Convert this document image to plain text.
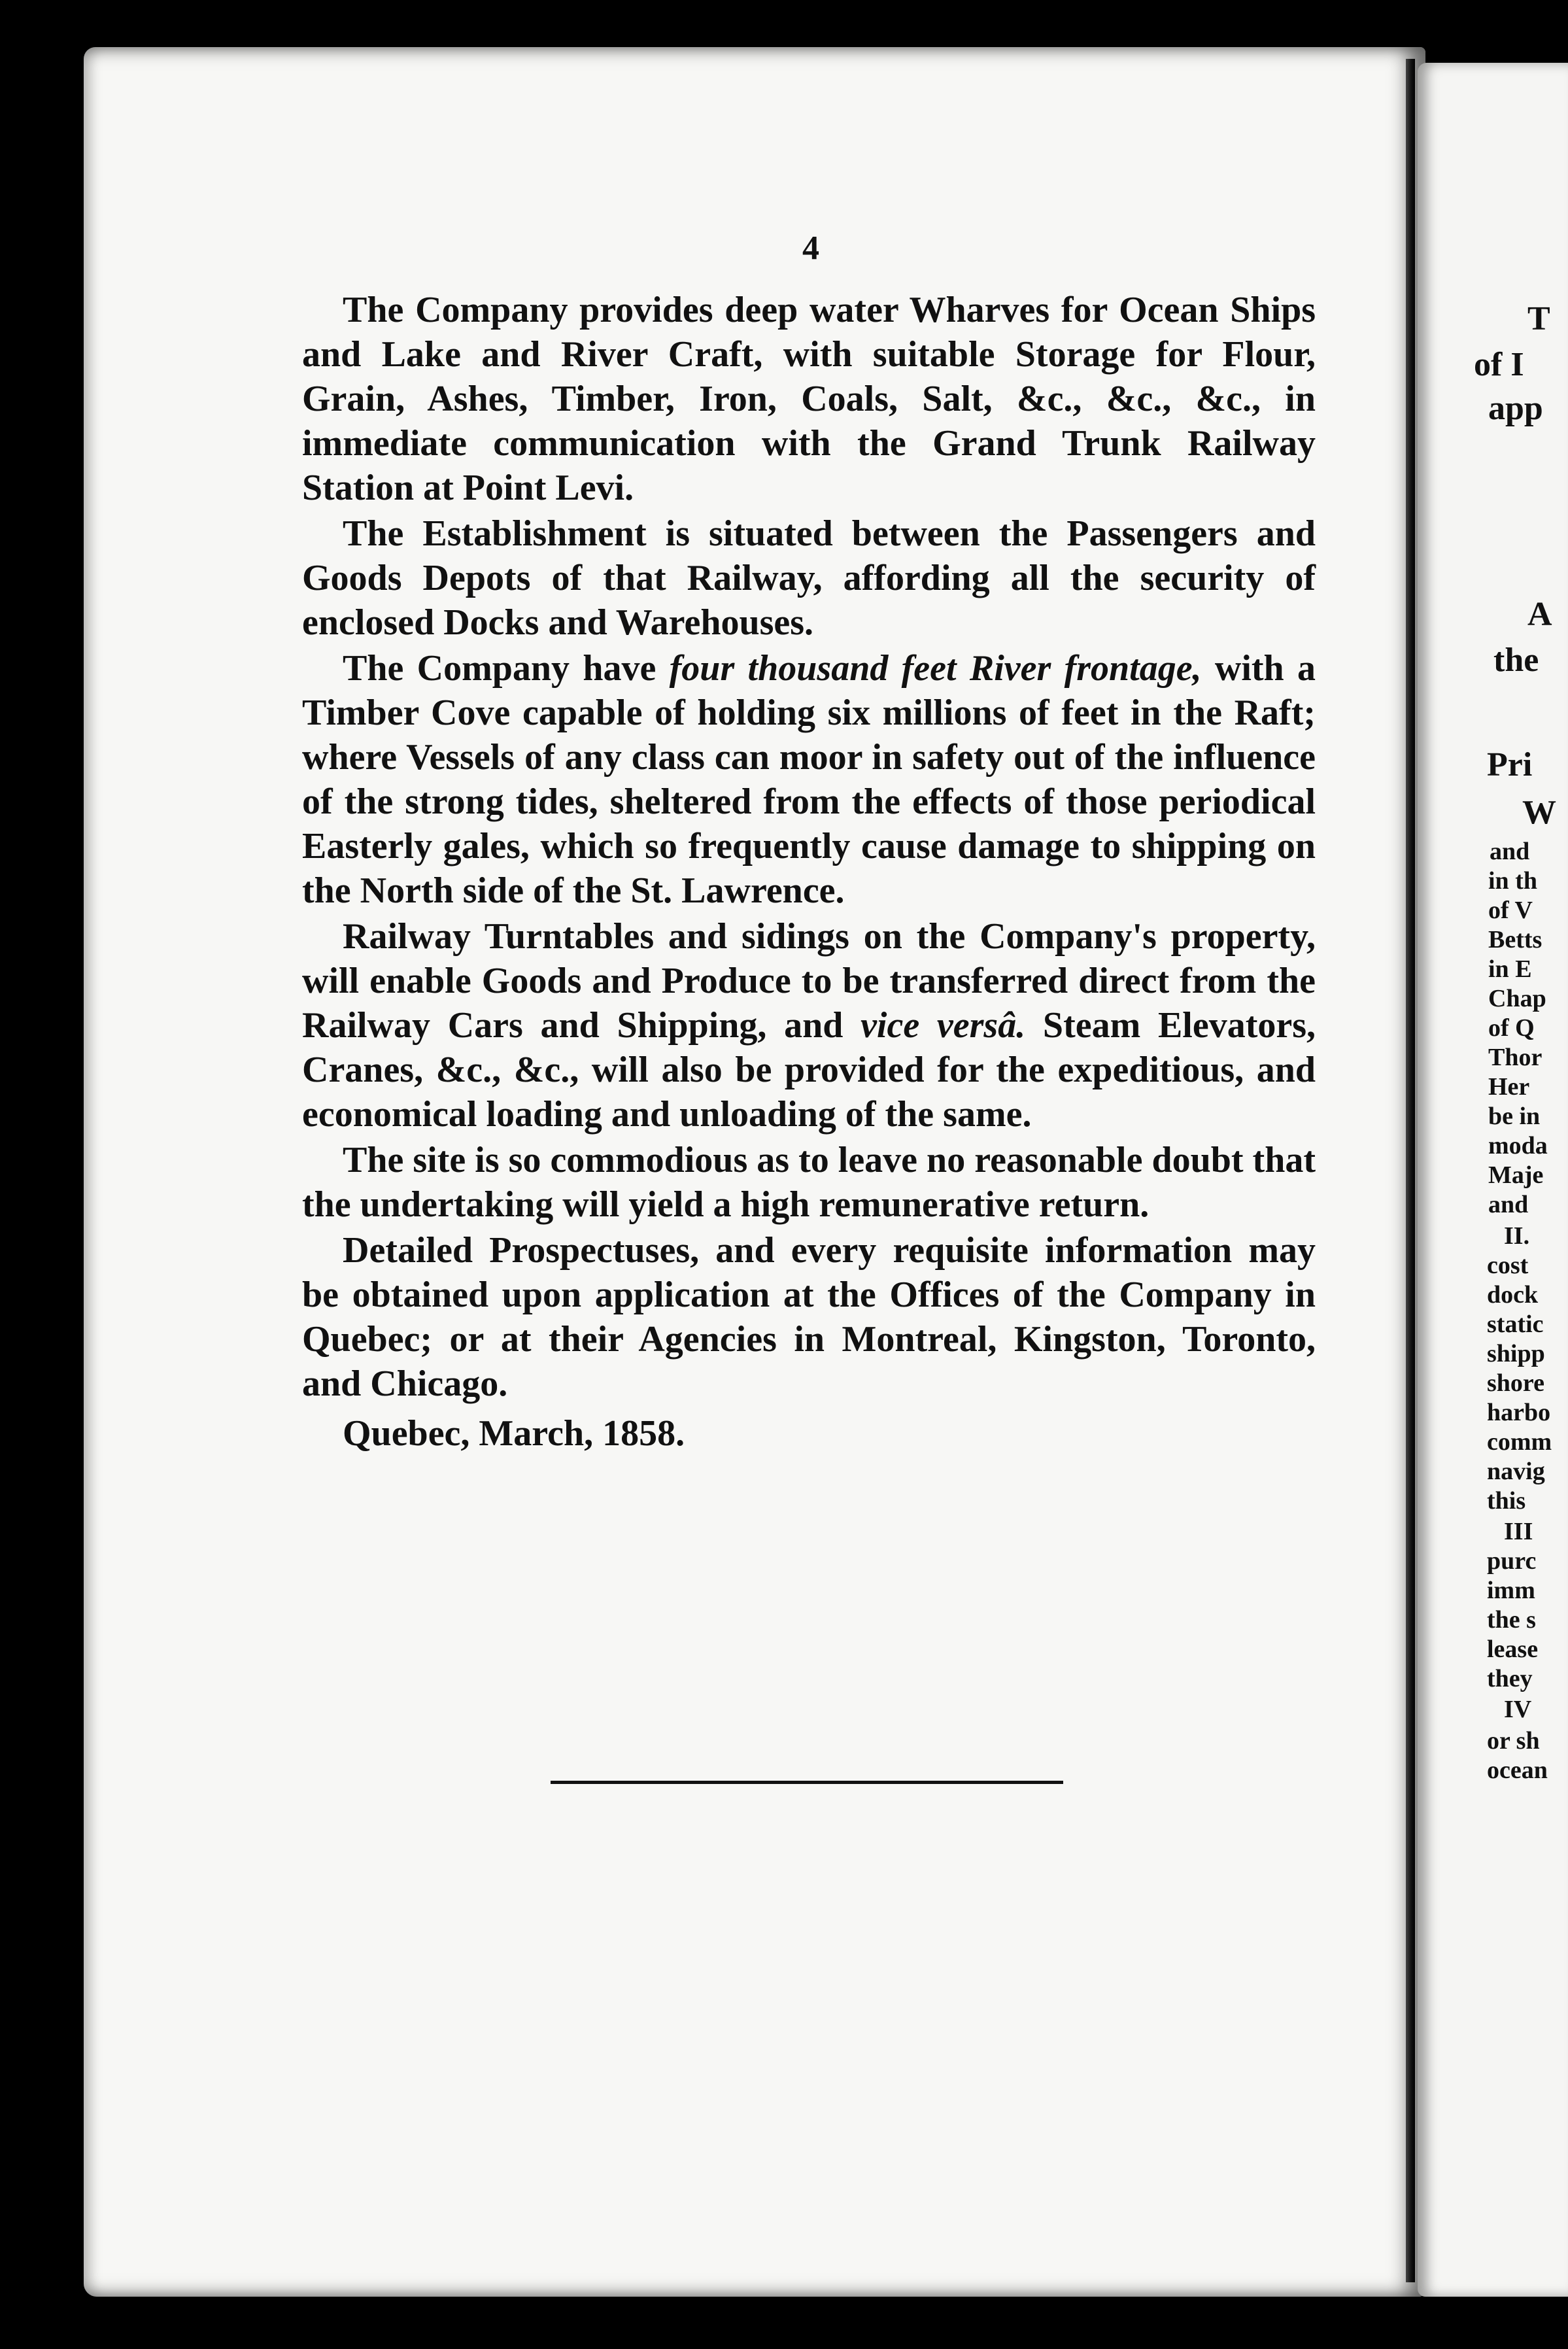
4

The Company provides deep water Wharves for Ocean Ships and Lake and River Craft, with suitable Storage for Flour, Grain, Ashes, Timber, Iron, Coals, Salt, &c., &c., &c., in immediate communication with the Grand Trunk Railway Station at Point Levi.

The Establishment is situated between the Passengers and Goods Depots of that Railway, affording all the security of enclosed Docks and Warehouses.

The Company have four thousand feet River frontage, with a Timber Cove capable of holding six millions of feet in the Raft; where Vessels of any class can moor in safety out of the influence of the strong tides, sheltered from the effects of those periodical Easterly gales, which so frequently cause damage to shipping on the North side of the St. Lawrence.

Railway Turntables and sidings on the Company's property, will enable Goods and Produce to be transferred direct from the Railway Cars and Shipping, and vice versâ. Steam Elevators, Cranes, &c., &c., will also be provided for the expeditious, and economical loading and unloading of the same.

The site is so commodious as to leave no reasonable doubt that the undertaking will yield a high remunerative return.

Detailed Prospectuses, and every requisite information may be obtained upon application at the Offices of the Company in Quebec; or at their Agencies in Montreal, Kingston, Toronto, and Chicago.

Quebec, March, 1858.

T
of I
app
A
the
Pri
W
and
in th
of V
Betts
in E
Chap
of Q
Thor
Her
be in
moda
Maje
and
II.
cost
dock
static
shipp
shore
harbo
comm
navig
this
III
purc
imm
the s
lease
they
IV
or sh
ocean
